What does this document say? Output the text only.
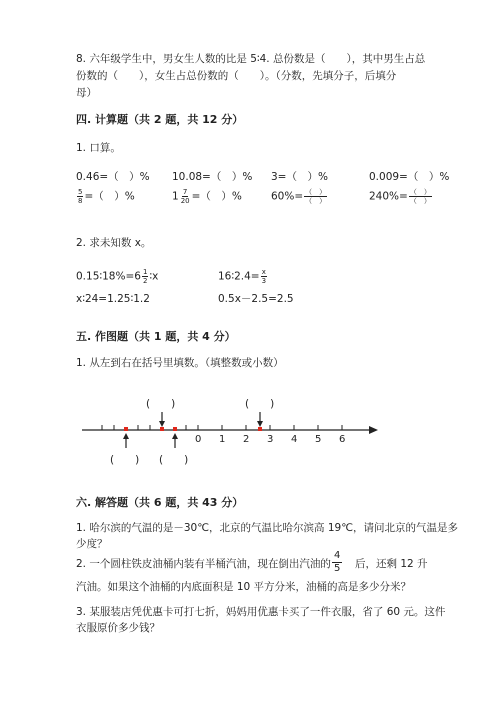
8. 六年级学生中，男女生人数的比是 5∶4. 总份数是（　　），其中男生占总
份数的（　　），女生占总份数的（　　）。（分数，先填分子，后填分
母）
四. 计算题（共 2 题，共 12 分）
1. 口算。
0.46=（　）% 10.08=（　）% 3=（　）%	0.009=（　）%
$\frac{5}{8}$ =（　）%	$1 \frac{7}{20}$ =（　）%	$60\%= \frac{( )}{( )}$	$240\%= \frac{( )}{( )}$
2. 求未知数 x。
0.15∶18%=6 $\frac{1}{2}$ ∶x	16∶2.4= $\frac{x}{3}$
x∶24=1.25∶1.2	0.5x－2.5=2.5
五. 作图题（共 1 题，共 4 分）
1. 从左到右在括号里填数。（填整数或小数）
0 1 2 3 4 5 6
(　　)	(　　)
(　　) (　　)
六. 解答题（共 6 题，共 43 分）
1. 哈尔滨的气温的是－30℃，北京的气温比哈尔滨高 19℃，请问北京的气温是多
少度？
2. 一个圆柱铁皮油桶内装有半桶汽油，现在倒出汽油的 $\frac{4}{5}$ 后，还剩 12 升
汽油。如果这个油桶的内底面积是 10 平方分米，油桶的高是多少分米？
3. 某服装店凭优惠卡可打七折，妈妈用优惠卡买了一件衣服，省了 60 元。这件
衣服原价多少钱？
